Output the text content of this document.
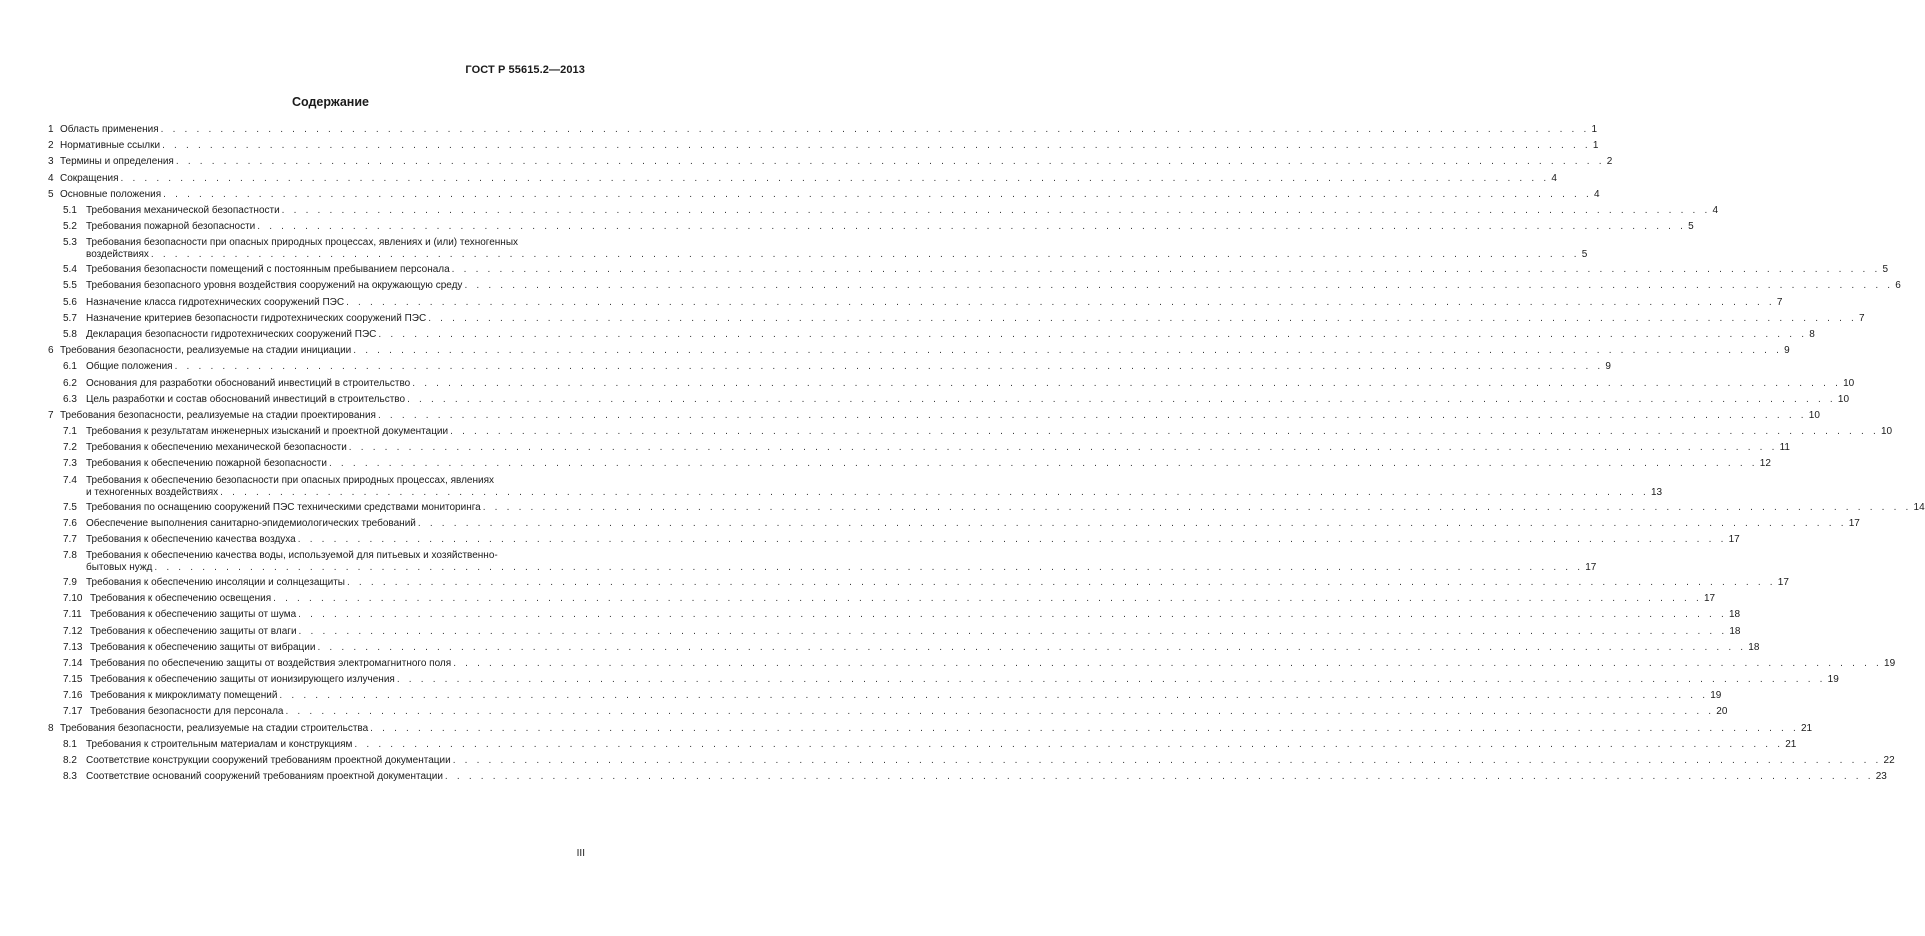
ГОСТ Р 55615.2—2013
Содержание
1 Область применения . . . . . . . . . . . . . . . . . . . . . . . . . . . . . . . . . . . . . . . . . . . . . . . . . . . . . . . . . . . . . . . . . . . . . . . . . . . . . . . . . . . . . . . . . . . . . . . . . . . . . . . . . . . . . . . . . . . . . . . . 1
2 Нормативные ссылки . . . . . . . . . . . . . . . . . . . . . . . . . . . . . . . . . . . . . . . . . . . . . . . . . . . . . . . . . . . . . . . . . . . . . . . . . . . . . . . . . . . . . . . . . . . . . . . . . . . . . . . . . . . . . . . . . . . . . . . . 1
3 Термины и определения . . . . . . . . . . . . . . . . . . . . . . . . . . . . . . . . . . . . . . . . . . . . . . . . . . . . . . . . . . . . . . . . . . . . . . . . . . . . . . . . . . . . . . . . . . . . . . . . . . . . . . . . . . . . . . . . . . . . . . . . 2
4 Сокращения . . . . . . . . . . . . . . . . . . . . . . . . . . . . . . . . . . . . . . . . . . . . . . . . . . . . . . . . . . . . . . . . . . . . . . . . . . . . . . . . . . . . . . . . . . . . . . . . . . . . . . . . . . . . . . . . . . . . . . . . 4
5 Основные положения . . . . . . . . . . . . . . . . . . . . . . . . . . . . . . . . . . . . . . . . . . . . . . . . . . . . . . . . . . . . . . . . . . . . . . . . . . . . . . . . . . . . . . . . . . . . . . . . . . . . . . . . . . . . . . . . . . . . . . . . 4
5.1 Требования механической безопастности . . . . . . . . . . . . . . . . . . . . . . . . . . . . . . . . . . . . . . . . . . . . . . . . . . . . . . . . . . . . . . . . . . . . . . . . . . . . . . . . . . . . . . . . . . . . . . . . . . . . . . . . . . . . . . . . . . . . . . . . 4
5.2 Требования пожарной безопасности . . . . . . . . . . . . . . . . . . . . . . . . . . . . . . . . . . . . . . . . . . . . . . . . . . . . . . . . . . . . . . . . . . . . . . . . . . . . . . . . . . . . . . . . . . . . . . . . . . . . . . . . . . . . . . . . . . . . . . . . 5
5.3 Требования безопасности при опасных природных процессах, явлениях и (или) техногенных
воздействиях . . . . . . . . . . . . . . . . . . . . . . . . . . . . . . . . . . . . . . . . . . . . . . . . . . . . . . . . . . . . . . . . . . . . . . . . . . . . . . . . . . . . . . . . . . . . . . . . . . . . . . . . . . . . . . . . . . . . . . . . 5
5.4 Требования безопасности помещений с постоянным пребыванием персонала . . . . . . . . . . . . . . . . . . . . . . . . . . . . . . . . . . . . . . . . . . . . . . . . . . . . . . . . . . . . . . . . . . . . . . . . . . . . . . . . . . . . . . . . . . . . . . . . . . . . . . . . . . . . . . . . . . . . . . . . 5
5.5 Требования безопасного уровня воздействия сооружений на окружающую среду . . . . . . . . . . . . . . . . . . . . . . . . . . . . . . . . . . . . . . . . . . . . . . . . . . . . . . . . . . . . . . . . . . . . . . . . . . . . . . . . . . . . . . . . . . . . . . . . . . . . . . . . . . . . . . . . . . . . . . . . 6
5.6 Назначение класса гидротехнических сооружений ПЭС . . . . . . . . . . . . . . . . . . . . . . . . . . . . . . . . . . . . . . . . . . . . . . . . . . . . . . . . . . . . . . . . . . . . . . . . . . . . . . . . . . . . . . . . . . . . . . . . . . . . . . . . . . . . . . . . . . . . . . . . 7
5.7 Назначение критериев безопасности гидротехнических сооружений ПЭС . . . . . . . . . . . . . . . . . . . . . . . . . . . . . . . . . . . . . . . . . . . . . . . . . . . . . . . . . . . . . . . . . . . . . . . . . . . . . . . . . . . . . . . . . . . . . . . . . . . . . . . . . . . . . . . . . . . . . . . . 7
5.8 Декларация безопасности гидротехнических сооружений ПЭС . . . . . . . . . . . . . . . . . . . . . . . . . . . . . . . . . . . . . . . . . . . . . . . . . . . . . . . . . . . . . . . . . . . . . . . . . . . . . . . . . . . . . . . . . . . . . . . . . . . . . . . . . . . . . . . . . . . . . . . . 8
6 Требования безопасности, реализуемые на стадии инициации . . . . . . . . . . . . . . . . . . . . . . . . . . . . . . . . . . . . . . . . . . . . . . . . . . . . . . . . . . . . . . . . . . . . . . . . . . . . . . . . . . . . . . . . . . . . . . . . . . . . . . . . . . . . . . . . . . . . . . . . 9
6.1 Общие положения . . . . . . . . . . . . . . . . . . . . . . . . . . . . . . . . . . . . . . . . . . . . . . . . . . . . . . . . . . . . . . . . . . . . . . . . . . . . . . . . . . . . . . . . . . . . . . . . . . . . . . . . . . . . . . . . . . . . . . . . 9
6.2 Основания для разработки обоснований инвестиций в строительство . . . . . . . . . . . . . . . . . . . . . . . . . . . . . . . . . . . . . . . . . . . . . . . . . . . . . . . . . . . . . . . . . . . . . . . . . . . . . . . . . . . . . . . . . . . . . . . . . . . . . . . . . . . . . . . . . . . . . . . . 10
6.3 Цель разработки и состав обоснований инвестиций в строительство . . . . . . . . . . . . . . . . . . . . . . . . . . . . . . . . . . . . . . . . . . . . . . . . . . . . . . . . . . . . . . . . . . . . . . . . . . . . . . . . . . . . . . . . . . . . . . . . . . . . . . . . . . . . . . . . . . . . . . . . 10
7 Требования безопасности, реализуемые на стадии проектирования . . . . . . . . . . . . . . . . . . . . . . . . . . . . . . . . . . . . . . . . . . . . . . . . . . . . . . . . . . . . . . . . . . . . . . . . . . . . . . . . . . . . . . . . . . . . . . . . . . . . . . . . . . . . . . . . . . . . . . . . 10
7.1 Требования к результатам инженерных изысканий и проектной документации . . . . . . . . . . . . . . . . . . . . . . . . . . . . . . . . . . . . . . . . . . . . . . . . . . . . . . . . . . . . . . . . . . . . . . . . . . . . . . . . . . . . . . . . . . . . . . . . . . . . . . . . . . . . . . . . . . . . . . . . 10
7.2 Требования к обеспечению механической безопасности . . . . . . . . . . . . . . . . . . . . . . . . . . . . . . . . . . . . . . . . . . . . . . . . . . . . . . . . . . . . . . . . . . . . . . . . . . . . . . . . . . . . . . . . . . . . . . . . . . . . . . . . . . . . . . . . . . . . . . . . 11
7.3 Требования к обеспечению пожарной безопасности . . . . . . . . . . . . . . . . . . . . . . . . . . . . . . . . . . . . . . . . . . . . . . . . . . . . . . . . . . . . . . . . . . . . . . . . . . . . . . . . . . . . . . . . . . . . . . . . . . . . . . . . . . . . . . . . . . . . . . . . 12
7.4 Требования к обеспечению безопасности при опасных природных процессах, явлениях
и техногенных воздействиях . . . . . . . . . . . . . . . . . . . . . . . . . . . . . . . . . . . . . . . . . . . . . . . . . . . . . . . . . . . . . . . . . . . . . . . . . . . . . . . . . . . . . . . . . . . . . . . . . . . . . . . . . . . . . . . . . . . . . . . . 13
7.5 Требования по оснащению сооружений ПЭС техническими средствами мониторинга . . . . . . . . . . . . . . . . . . . . . . . . . . . . . . . . . . . . . . . . . . . . . . . . . . . . . . . . . . . . . . . . . . . . . . . . . . . . . . . . . . . . . . . . . . . . . . . . . . . . . . . . . . . . . . . . . . . . . . . . 14
7.6 Обеспечение выполнения санитарно-эпидемиологических требований . . . . . . . . . . . . . . . . . . . . . . . . . . . . . . . . . . . . . . . . . . . . . . . . . . . . . . . . . . . . . . . . . . . . . . . . . . . . . . . . . . . . . . . . . . . . . . . . . . . . . . . . . . . . . . . . . . . . . . . . 17
7.7 Требования к обеспечению качества воздуха . . . . . . . . . . . . . . . . . . . . . . . . . . . . . . . . . . . . . . . . . . . . . . . . . . . . . . . . . . . . . . . . . . . . . . . . . . . . . . . . . . . . . . . . . . . . . . . . . . . . . . . . . . . . . . . . . . . . . . . . 17
7.8 Требования к обеспечению качества воды, используемой для питьевых и хозяйственно-
бытовых нужд . . . . . . . . . . . . . . . . . . . . . . . . . . . . . . . . . . . . . . . . . . . . . . . . . . . . . . . . . . . . . . . . . . . . . . . . . . . . . . . . . . . . . . . . . . . . . . . . . . . . . . . . . . . . . . . . . . . . . . . . 17
7.9 Требования к обеспечению инсоляции и солнцезащиты . . . . . . . . . . . . . . . . . . . . . . . . . . . . . . . . . . . . . . . . . . . . . . . . . . . . . . . . . . . . . . . . . . . . . . . . . . . . . . . . . . . . . . . . . . . . . . . . . . . . . . . . . . . . . . . . . . . . . . . . 17
7.10 Требования к обеспечению освещения . . . . . . . . . . . . . . . . . . . . . . . . . . . . . . . . . . . . . . . . . . . . . . . . . . . . . . . . . . . . . . . . . . . . . . . . . . . . . . . . . . . . . . . . . . . . . . . . . . . . . . . . . . . . . . . . . . . . . . . . 17
7.11 Требования к обеспечению защиты от шума . . . . . . . . . . . . . . . . . . . . . . . . . . . . . . . . . . . . . . . . . . . . . . . . . . . . . . . . . . . . . . . . . . . . . . . . . . . . . . . . . . . . . . . . . . . . . . . . . . . . . . . . . . . . . . . . . . . . . . . . 18
7.12 Требования к обеспечению защиты от влаги . . . . . . . . . . . . . . . . . . . . . . . . . . . . . . . . . . . . . . . . . . . . . . . . . . . . . . . . . . . . . . . . . . . . . . . . . . . . . . . . . . . . . . . . . . . . . . . . . . . . . . . . . . . . . . . . . . . . . . . . 18
7.13 Требования к обеспечению защиты от вибрации . . . . . . . . . . . . . . . . . . . . . . . . . . . . . . . . . . . . . . . . . . . . . . . . . . . . . . . . . . . . . . . . . . . . . . . . . . . . . . . . . . . . . . . . . . . . . . . . . . . . . . . . . . . . . . . . . . . . . . . . 18
7.14 Требования по обеспечению защиты от воздействия электромагнитного поля . . . . . . . . . . . . . . . . . . . . . . . . . . . . . . . . . . . . . . . . . . . . . . . . . . . . . . . . . . . . . . . . . . . . . . . . . . . . . . . . . . . . . . . . . . . . . . . . . . . . . . . . . . . . . . . . . . . . . . . . 19
7.15 Требования к обеспечению защиты от ионизирующего излучения . . . . . . . . . . . . . . . . . . . . . . . . . . . . . . . . . . . . . . . . . . . . . . . . . . . . . . . . . . . . . . . . . . . . . . . . . . . . . . . . . . . . . . . . . . . . . . . . . . . . . . . . . . . . . . . . . . . . . . . . 19
7.16 Требования к микроклимату помещений . . . . . . . . . . . . . . . . . . . . . . . . . . . . . . . . . . . . . . . . . . . . . . . . . . . . . . . . . . . . . . . . . . . . . . . . . . . . . . . . . . . . . . . . . . . . . . . . . . . . . . . . . . . . . . . . . . . . . . . . 19
7.17 Требования безопасности для персонала . . . . . . . . . . . . . . . . . . . . . . . . . . . . . . . . . . . . . . . . . . . . . . . . . . . . . . . . . . . . . . . . . . . . . . . . . . . . . . . . . . . . . . . . . . . . . . . . . . . . . . . . . . . . . . . . . . . . . . . . 20
8 Требования безопасности, реализуемые на стадии строительства . . . . . . . . . . . . . . . . . . . . . . . . . . . . . . . . . . . . . . . . . . . . . . . . . . . . . . . . . . . . . . . . . . . . . . . . . . . . . . . . . . . . . . . . . . . . . . . . . . . . . . . . . . . . . . . . . . . . . . . . 21
8.1 Требования к строительным материалам и конструкциям . . . . . . . . . . . . . . . . . . . . . . . . . . . . . . . . . . . . . . . . . . . . . . . . . . . . . . . . . . . . . . . . . . . . . . . . . . . . . . . . . . . . . . . . . . . . . . . . . . . . . . . . . . . . . . . . . . . . . . . . 21
8.2 Соответствие конструкции сооружений требованиям проектной документации . . . . . . . . . . . . . . . . . . . . . . . . . . . . . . . . . . . . . . . . . . . . . . . . . . . . . . . . . . . . . . . . . . . . . . . . . . . . . . . . . . . . . . . . . . . . . . . . . . . . . . . . . . . . . . . . . . . . . . . . 22
8.3 Соответствие оснований сооружений требованиям проектной документации . . . . . . . . . . . . . . . . . . . . . . . . . . . . . . . . . . . . . . . . . . . . . . . . . . . . . . . . . . . . . . . . . . . . . . . . . . . . . . . . . . . . . . . . . . . . . . . . . . . . . . . . . . . . . . . . . . . . . . . . 23
III
